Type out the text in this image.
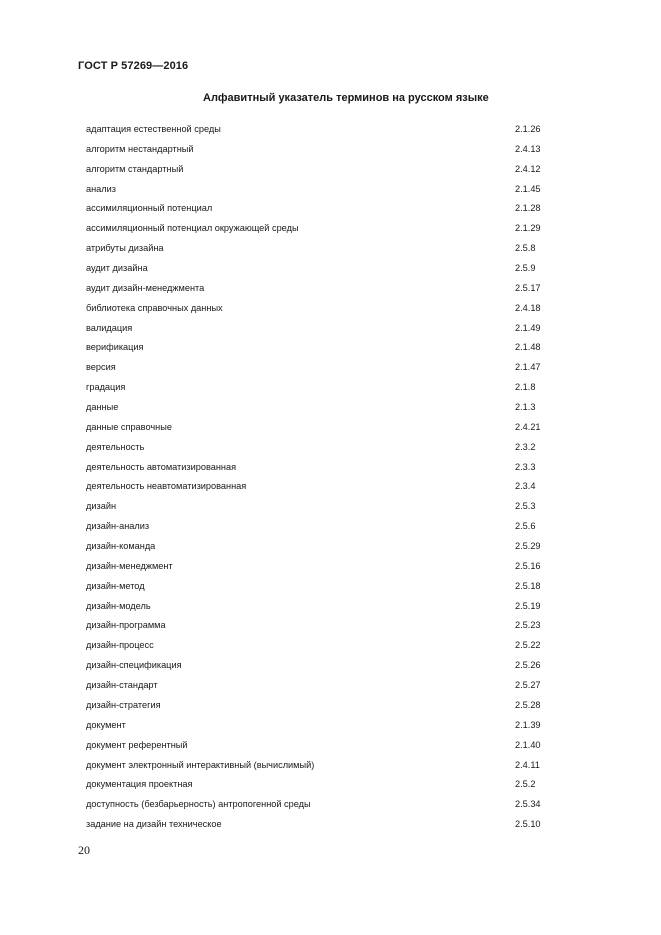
ГОСТ Р 57269—2016
Алфавитный указатель терминов на русском языке
адаптация естественной среды	2.1.26
алгоритм нестандартный	2.4.13
алгоритм стандартный	2.4.12
анализ	2.1.45
ассимиляционный потенциал	2.1.28
ассимиляционный потенциал окружающей среды	2.1.29
атрибуты дизайна	2.5.8
аудит дизайна	2.5.9
аудит дизайн-менеджмента	2.5.17
библиотека справочных данных	2.4.18
валидация	2.1.49
верификация	2.1.48
версия	2.1.47
градация	2.1.8
данные	2.1.3
данные справочные	2.4.21
деятельность	2.3.2
деятельность автоматизированная	2.3.3
деятельность неавтоматизированная	2.3.4
дизайн	2.5.3
дизайн-анализ	2.5.6
дизайн-команда	2.5.29
дизайн-менеджмент	2.5.16
дизайн-метод	2.5.18
дизайн-модель	2.5.19
дизайн-программа	2.5.23
дизайн-процесс	2.5.22
дизайн-спецификация	2.5.26
дизайн-стандарт	2.5.27
дизайн-стратегия	2.5.28
документ	2.1.39
документ референтный	2.1.40
документ электронный интерактивный (вычислимый)	2.4.11
документация проектная	2.5.2
доступность (безбарьерность) антропогенной среды	2.5.34
задание на дизайн техническое	2.5.10
20
